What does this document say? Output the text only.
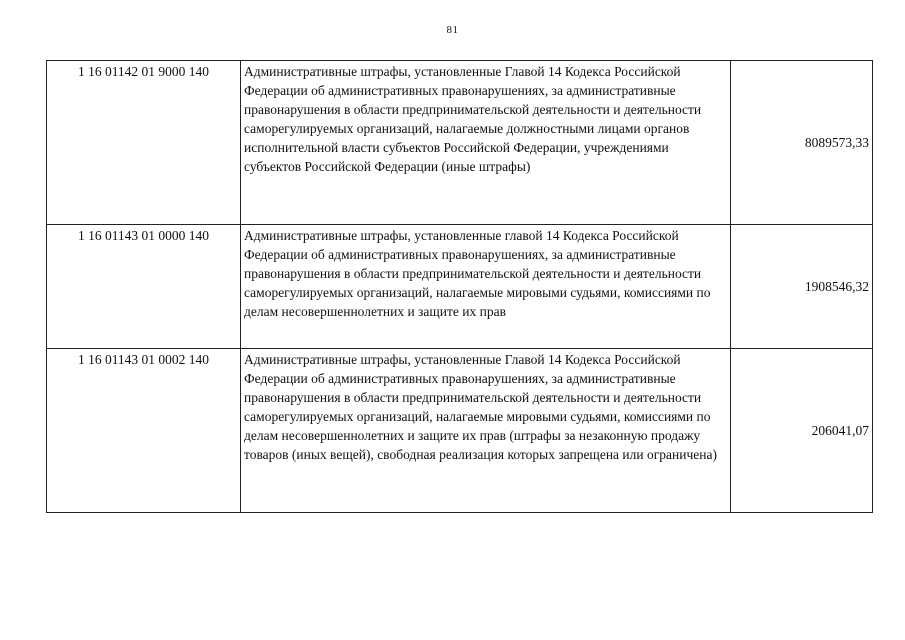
81
1 16 01142 01 9000 140	Административные штрафы, установленные Главой 14 Кодекса Российской Федерации об административных правонарушениях, за административные правонарушения в области предпринимательской деятельности и деятельности саморегулируемых организаций, налагаемые должностными лицами органов исполнительной власти субъектов Российской Федерации, учреждениями субъектов Российской Федерации (иные штрафы)	8089573,33
1 16 01143 01 0000 140	Административные штрафы, установленные главой 14 Кодекса Российской Федерации об административных правонарушениях, за административные правонарушения в области предпринимательской деятельности и деятельности саморегулируемых организаций, налагаемые мировыми судьями, комиссиями по делам несовершеннолетних и защите их прав	1908546,32
1 16 01143 01 0002 140	Административные штрафы, установленные Главой 14 Кодекса Российской Федерации об административных правонарушениях, за административные правонарушения в области предпринимательской деятельности и деятельности саморегулируемых организаций, налагаемые мировыми судьями, комиссиями по делам несовершеннолетних и защите их прав (штрафы за незаконную продажу товаров (иных вещей), свободная реализация которых запрещена или ограничена)	206041,07
